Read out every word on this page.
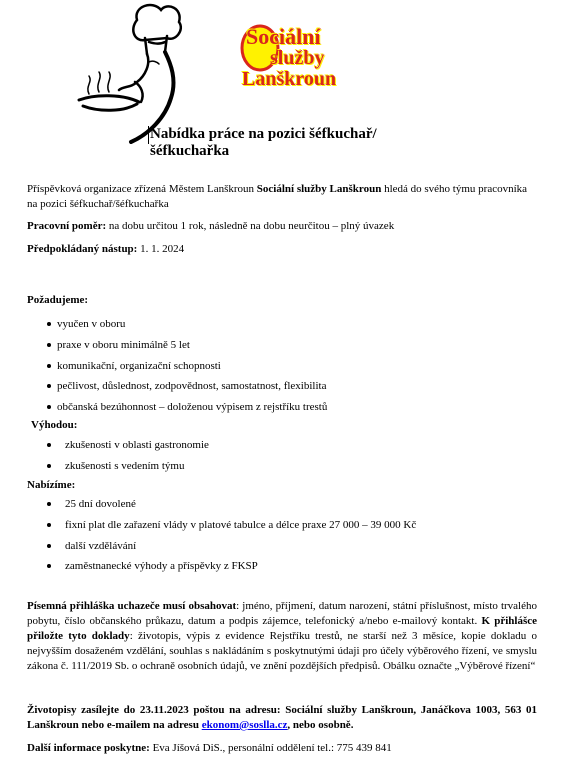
Sociální
služby
Lanškroun
Nabídka práce na pozici šéfkuchař/šéfkuchařka
Příspěvková organizace zřízená Městem Lanškroun Sociální služby Lanškroun hledá do svého týmu pracovníka na pozici šéfkuchař/šéfkuchařka
Pracovní poměr: na dobu určitou 1 rok, následně na dobu neurčitou – plný úvazek
Předpokládaný nástup: 1. 1. 2024
Požadujeme:
vyučen v oboru
praxe v oboru minimálně 5 let
komunikační, organizační schopnosti
pečlivost, důslednost, zodpovědnost, samostatnost, flexibilita
občanská bezúhonnost – doloženou výpisem z rejstříku trestů
Výhodou:
zkušenosti v oblasti gastronomie
zkušenosti s vedením týmu
Nabízíme:
25 dní dovolené
fixní plat dle zařazení vlády v platové tabulce a délce praxe 27 000 – 39 000 Kč
další vzdělávání
zaměstnanecké výhody a příspěvky z FKSP
Písemná přihláška uchazeče musí obsahovat: jméno, příjmení, datum narození, státní příslušnost, místo trvalého pobytu, číslo občanského průkazu, datum a podpis zájemce, telefonický a/nebo e-mailový kontakt. K přihlášce přiložte tyto doklady: životopis, výpis z evidence Rejstříku trestů, ne starší než 3 měsíce, kopie dokladu o nejvyšším dosaženém vzdělání, souhlas s nakládáním s poskytnutými údaji pro účely výběrového řízení, ve smyslu zákona č. 111/2019 Sb. o ochraně osobních údajů, ve znění pozdějších předpisů. Obálku označte „Výběrové řízení“
Životopisy zasílejte do 23.11.2023 poštou na adresu: Sociální služby Lanškroun, Janáčkova 1003, 563 01 Lanškroun nebo e-mailem na adresu ekonom@soslla.cz, nebo osobně.
Další informace poskytne: Eva Jíšová DiS., personální oddělení tel.: 775 439 841
